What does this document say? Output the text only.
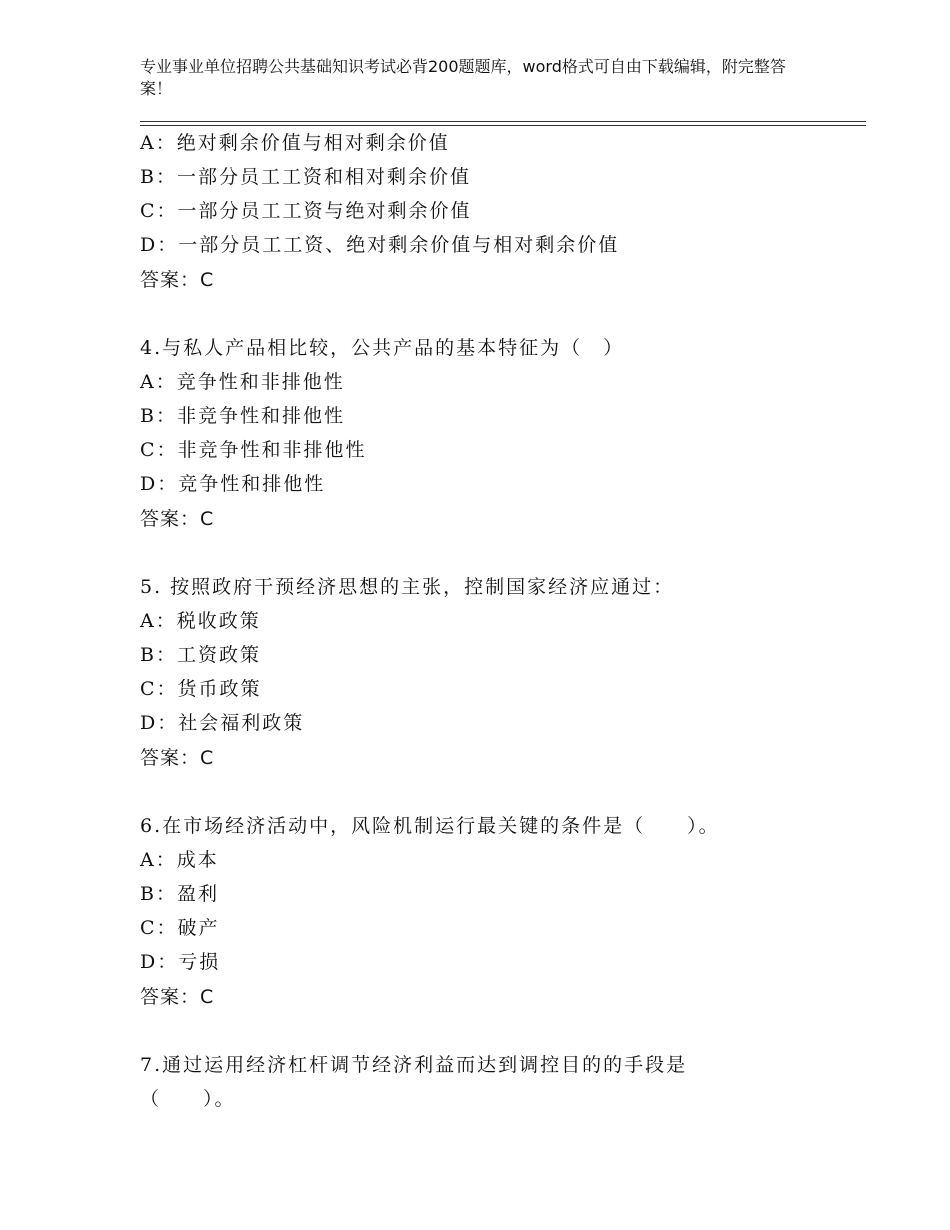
专业事业单位招聘公共基础知识考试必背200题题库，word格式可自由下载编辑，附完整答案！
A：绝对剩余价值与相对剩余价值
B：一部分员工工资和相对剩余价值
C：一部分员工工资与绝对剩余价值
D：一部分员工工资、绝对剩余价值与相对剩余价值
答案：C
4.与私人产品相比较，公共产品的基本特征为（　）
A：竞争性和非排他性
B：非竞争性和排他性
C：非竞争性和非排他性
D：竞争性和排他性
答案：C
5. 按照政府干预经济思想的主张，控制国家经济应通过：
A：税收政策
B：工资政策
C：货币政策
D：社会福利政策
答案：C
6.在市场经济活动中，风险机制运行最关键的条件是（　　）。
A：成本
B：盈利
C：破产
D：亏损
答案：C
7.通过运用经济杠杆调节经济利益而达到调控目的的手段是
（　　）。
